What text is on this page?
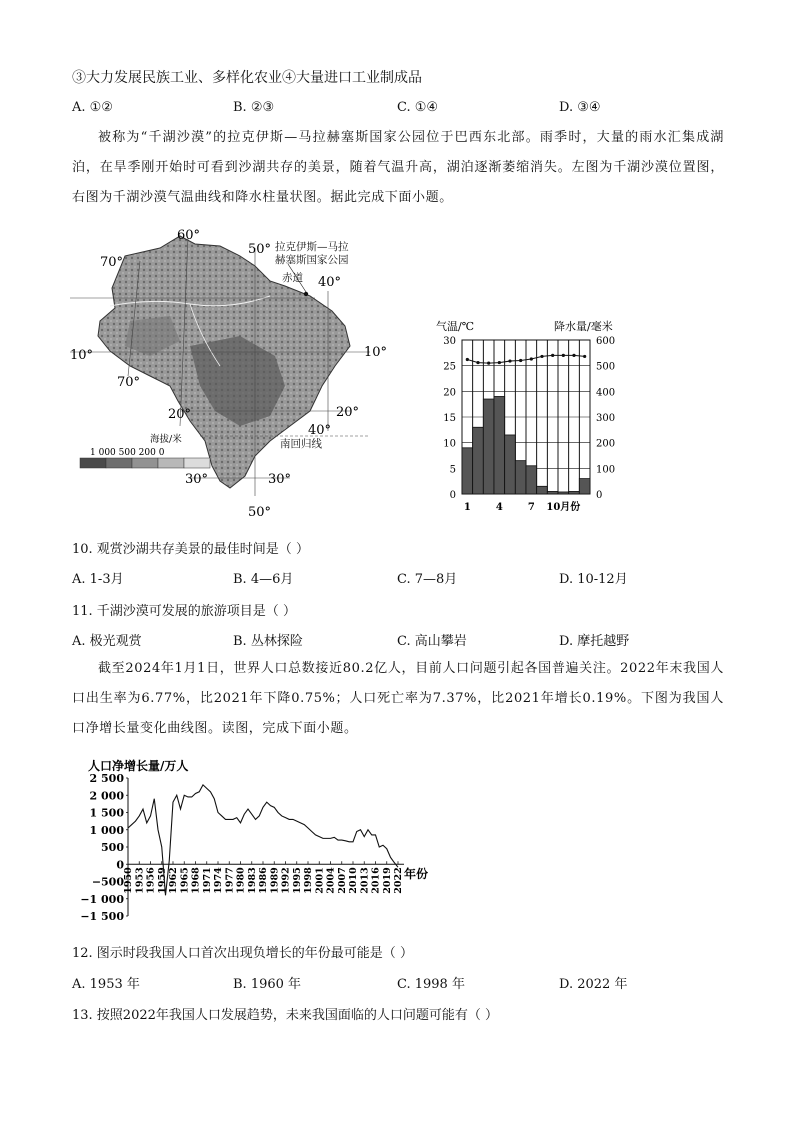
③大力发展民族工业、多样化农业④大量进口工业制成品
A. ①②	B. ②③	C. ①④	D. ③④
被称为“千湖沙漠”的拉克伊斯—马拉赫塞斯国家公园位于巴西东北部。雨季时，大量的雨水汇集成湖泊，在旱季刚开始时可看到沙湖共存的美景，随着气温升高，湖泊逐渐萎缩消失。左图为千湖沙漠位置图，右图为千湖沙漠气温曲线和降水柱量状图。据此完成下面小题。
拉克伊斯—马拉
赫塞斯国家公园
赤道
南回归线
60°
50°
70°
40°
10°
70°
10°
20°	20°
40°
30°	30°
50°
海拔/米
1 000 500 200 0
气温/℃	降水量/毫米
30
25
20
15
10
5
0
600
500
400
300
200
100
0
1	4	7 10月份
10. 观赏沙湖共存美景的最佳时间是（ ）
A. 1-3月	B. 4—6月	C. 7—8月	D. 10-12月
11. 千湖沙漠可发展的旅游项目是（ ）
A. 极光观赏	B. 丛林探险	C. 高山攀岩	D. 摩托越野
截至2024年1月1日，世界人口总数接近80.2亿人，目前人口问题引起各国普遍关注。2022年末我国人口出生率为6.77%，比2021年下降0.75%；人口死亡率为7.37%，比2021年增长0.19%。下图为我国人口净增长量变化曲线图。读图，完成下面小题。
人口净增长量/万人
2 500
2 000
1 500
1 000
500
0
−500
−1 000
−1 500
1950 1953 1956 1959 1962 1965 1968 1971 1974 1977 1980 1983 1986 1989 1992 1995 1998 2001 2004 2007 2010 2013 2016 2019 2022 年份
12. 图示时段我国人口首次出现负增长的年份最可能是（ ）
A. 1953 年	B. 1960 年	C. 1998 年	D. 2022 年
13. 按照2022年我国人口发展趋势，未来我国面临的人口问题可能有（ ）
